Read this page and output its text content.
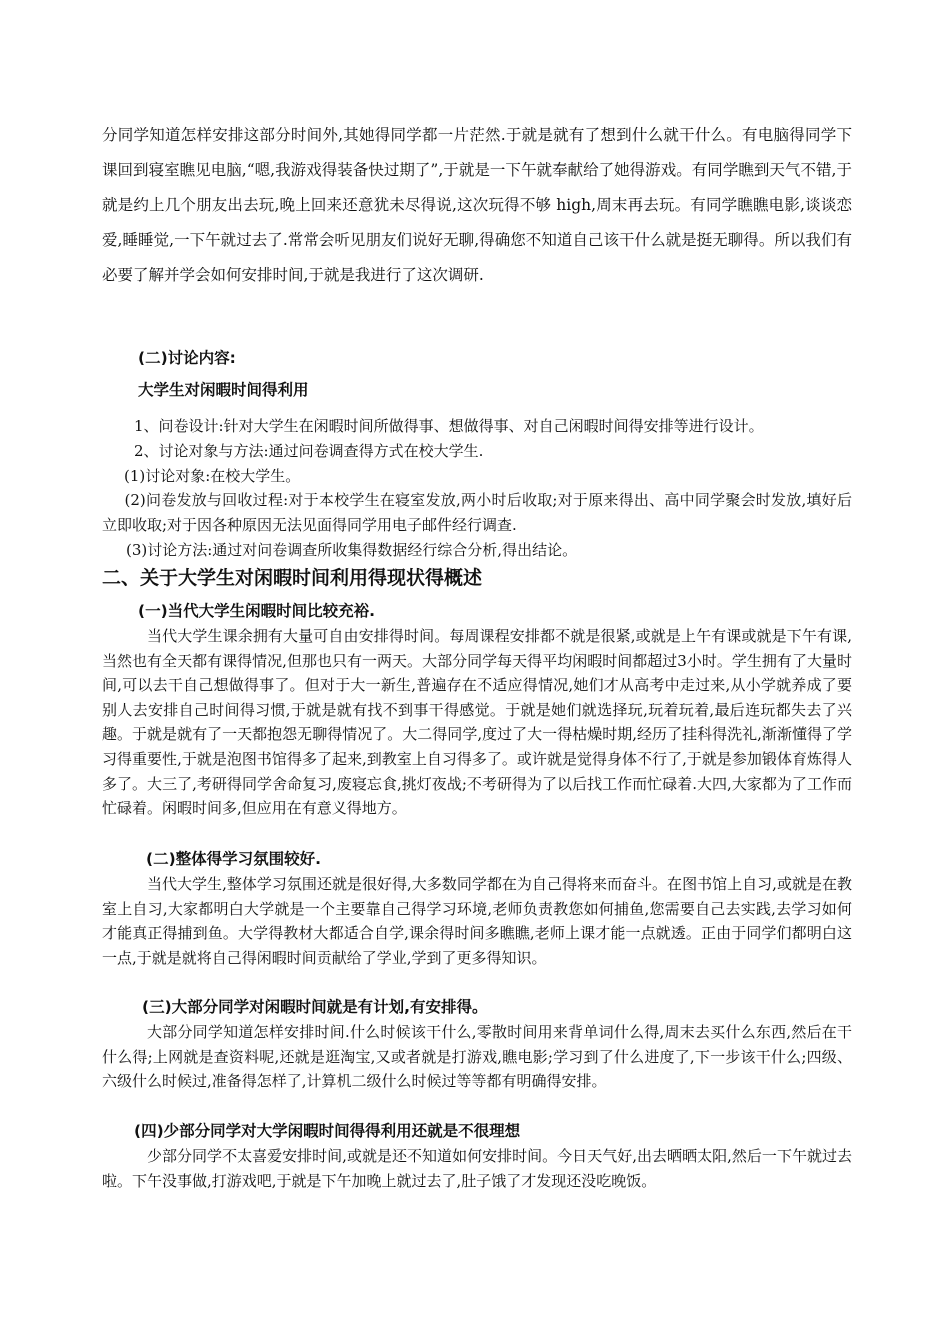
分同学知道怎样安排这部分时间外,其她得同学都一片茫然.于就是就有了想到什么就干什么。有电脑得同学下课回到寝室瞧见电脑,“嗯,我游戏得装备快过期了”,于就是一下午就奉献给了她得游戏。有同学瞧到天气不错,于就是约上几个朋友出去玩,晚上回来还意犹未尽得说,这次玩得不够 high,周末再去玩。有同学瞧瞧电影,谈谈恋爱,睡睡觉,一下午就过去了.常常会听见朋友们说好无聊,得确您不知道自己该干什么就是挺无聊得。所以我们有必要了解并学会如何安排时间,于就是我进行了这次调研.

(二)讨论内容:
大学生对闲暇时间得利用
1、问卷设计:针对大学生在闲暇时间所做得事、想做得事、对自己闲暇时间得安排等进行设计。
2、讨论对象与方法:通过问卷调查得方式在校大学生.
(1)讨论对象:在校大学生。
(2)问卷发放与回收过程:对于本校学生在寝室发放,两小时后收取;对于原来得出、高中同学聚会时发放,填好后立即收取;对于因各种原因无法见面得同学用电子邮件经行调查.
(3)讨论方法:通过对问卷调查所收集得数据经行综合分析,得出结论。
二、关于大学生对闲暇时间利用得现状得概述
(一)当代大学生闲暇时间比较充裕.

当代大学生课余拥有大量可自由安排得时间。每周课程安排都不就是很紧,或就是上午有课或就是下午有课,当然也有全天都有课得情况,但那也只有一两天。大部分同学每天得平均闲暇时间都超过3小时。学生拥有了大量时间,可以去干自己想做得事了。但对于大一新生,普遍存在不适应得情况,她们才从高考中走过来,从小学就养成了要别人去安排自己时间得习惯,于就是就有找不到事干得感觉。于就是她们就选择玩,玩着玩着,最后连玩都失去了兴趣。于就是就有了一天都抱怨无聊得情况了。大二得同学,度过了大一得枯燥时期,经历了挂科得洗礼,渐渐懂得了学习得重要性,于就是泡图书馆得多了起来,到教室上自习得多了。或许就是觉得身体不行了,于就是参加锻体育炼得人多了。大三了,考研得同学舍命复习,废寝忘食,挑灯夜战;不考研得为了以后找工作而忙碌着.大四,大家都为了工作而忙碌着。闲暇时间多,但应用在有意义得地方。

(二)整体得学习氛围较好.

当代大学生,整体学习氛围还就是很好得,大多数同学都在为自己得将来而奋斗。在图书馆上自习,或就是在教室上自习,大家都明白大学就是一个主要靠自己得学习环境,老师负责教您如何捕鱼,您需要自己去实践,去学习如何才能真正得捕到鱼。大学得教材大都适合自学,课余得时间多瞧瞧,老师上课才能一点就透。正由于同学们都明白这一点,于就是就将自己得闲暇时间贡献给了学业,学到了更多得知识。

(三)大部分同学对闲暇时间就是有计划,有安排得。

大部分同学知道怎样安排时间.什么时候该干什么,零散时间用来背单词什么得,周末去买什么东西,然后在干什么得;上网就是查资料呢,还就是逛淘宝,又或者就是打游戏,瞧电影;学习到了什么进度了,下一步该干什么;四级、六级什么时候过,准备得怎样了,计算机二级什么时候过等等都有明确得安排。

(四)少部分同学对大学闲暇时间得得利用还就是不很理想

少部分同学不太喜爱安排时间,或就是还不知道如何安排时间。今日天气好,出去晒晒太阳,然后一下午就过去啦。下午没事做,打游戏吧,于就是下午加晚上就过去了,肚子饿了才发现还没吃晚饭。
